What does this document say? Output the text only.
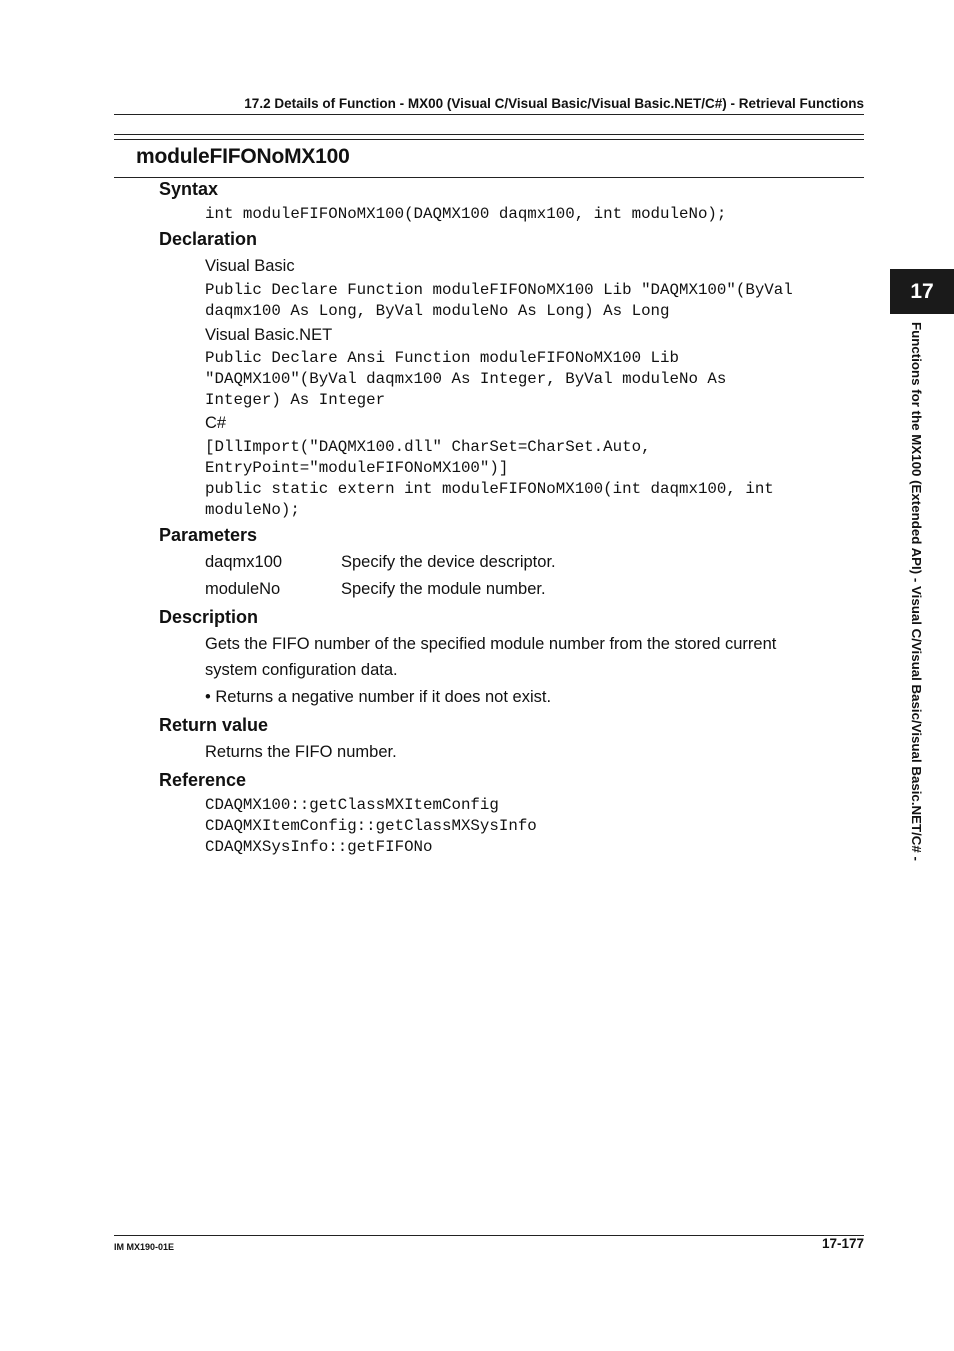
17.2 Details of Function - MX00 (Visual C/Visual Basic/Visual Basic.NET/C#) - Retrieval Functions
moduleFIFONoMX100
Syntax
int moduleFIFONoMX100(DAQMX100 daqmx100, int moduleNo);
Declaration
Visual Basic
Public Declare Function moduleFIFONoMX100 Lib "DAQMX100"(ByVal
daqmx100 As Long, ByVal moduleNo As Long) As Long
Visual Basic.NET
Public Declare Ansi Function moduleFIFONoMX100 Lib
"DAQMX100"(ByVal daqmx100 As Integer, ByVal moduleNo As
Integer) As Integer
C#
[DllImport("DAQMX100.dll" CharSet=CharSet.Auto,
EntryPoint="moduleFIFONoMX100")]
public static extern int moduleFIFONoMX100(int daqmx100, int
moduleNo);
Parameters
daqmx100	Specify the device descriptor.
moduleNo	Specify the module number.
Description
Gets the FIFO number of the specified module number from the stored current
system configuration data.
• Returns a negative number if it does not exist.
Return value
Returns the FIFO number.
Reference
CDAQMX100::getClassMXItemConfig
CDAQMXItemConfig::getClassMXSysInfo
CDAQMXSysInfo::getFIFONo
17
Functions for the MX100 (Extended API) - Visual C/Visual Basic/Visual Basic.NET/C# -
IM MX190-01E	17-177
